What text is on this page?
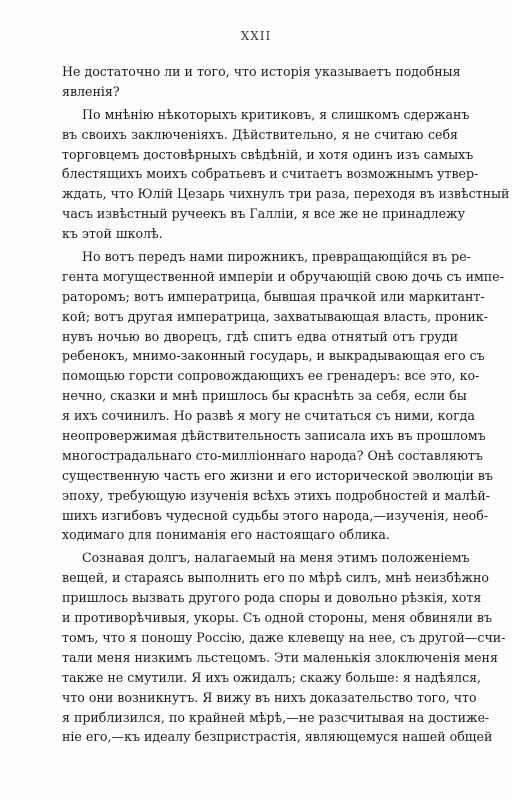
XXII
Не достаточно ли и того, что исторія указываетъ подобныя
явленія?
По мнѣнію нѣкоторыхъ критиковъ, я слишкомъ сдержанъ
въ своихъ заключеніяхъ. Дѣйствительно, я не считаю себя
торговцемъ достовѣрныхъ свѣдѣній, и хотя одинъ изъ самыхъ
блестящихъ моихъ собратьевъ и считаетъ возможнымъ утвер-
ждать, что Юлій Цезарь чихнулъ три раза, переходя въ извѣстный
часъ извѣстный ручеекъ въ Галліи, я все же не принадлежу
къ этой школѣ.
Но вотъ передъ нами пирожникъ, превращающійся въ ре-
гента могущественной имперіи и обручающій свою дочь съ импе-
раторомъ; вотъ императрица, бывшая прачкой или маркитант-
кой; вотъ другая императрица, захватывающая власть, проник-
нувъ ночью во дворецъ, гдѣ спитъ едва отнятый отъ груди
ребенокъ, мнимо-законный государь, и выкрадывающая его съ
помощью горсти сопровождающихъ ее гренадеръ: все это, ко-
нечно, сказки и мнѣ пришлось бы краснѣть за себя, если бы
я ихъ сочинилъ. Но развѣ я могу не считаться съ ними, когда
неопровержимая дѣйствительность записала ихъ въ прошломъ
многострадальнаго сто-милліоннаго народа? Онѣ составляютъ
существенную часть его жизни и его исторической эволюціи въ
эпоху, требующую изученія всѣхъ этихъ подробностей и малѣй-
шихъ изгибовъ чудесной судьбы этого народа,—изученія, необ-
ходимаго для пониманія его настоящаго облика.
Сознавая долгъ, налагаемый на меня этимъ положеніемъ
вещей, и стараясь выполнить его по мѣрѣ силъ, мнѣ неизбѣжно
пришлось вызвать другого рода споры и довольно рѣзкія, хотя
и противорѣчивыя, укоры. Съ одной стороны, меня обвиняли въ
томъ, что я поношу Россію, даже клевещу на нее, съ другой—счи-
тали меня низкимъ льстецомъ. Эти маленькія злоключенія меня
также не смутили. Я ихъ ожидалъ; скажу больше: я надѣялся,
что они возникнутъ. Я вижу въ нихъ доказательство того, что
я приблизился, по крайней мѣрѣ,—не разсчитывая на достиже-
ніе его,—къ идеалу безпристрастія, являющемуся нашей общей
